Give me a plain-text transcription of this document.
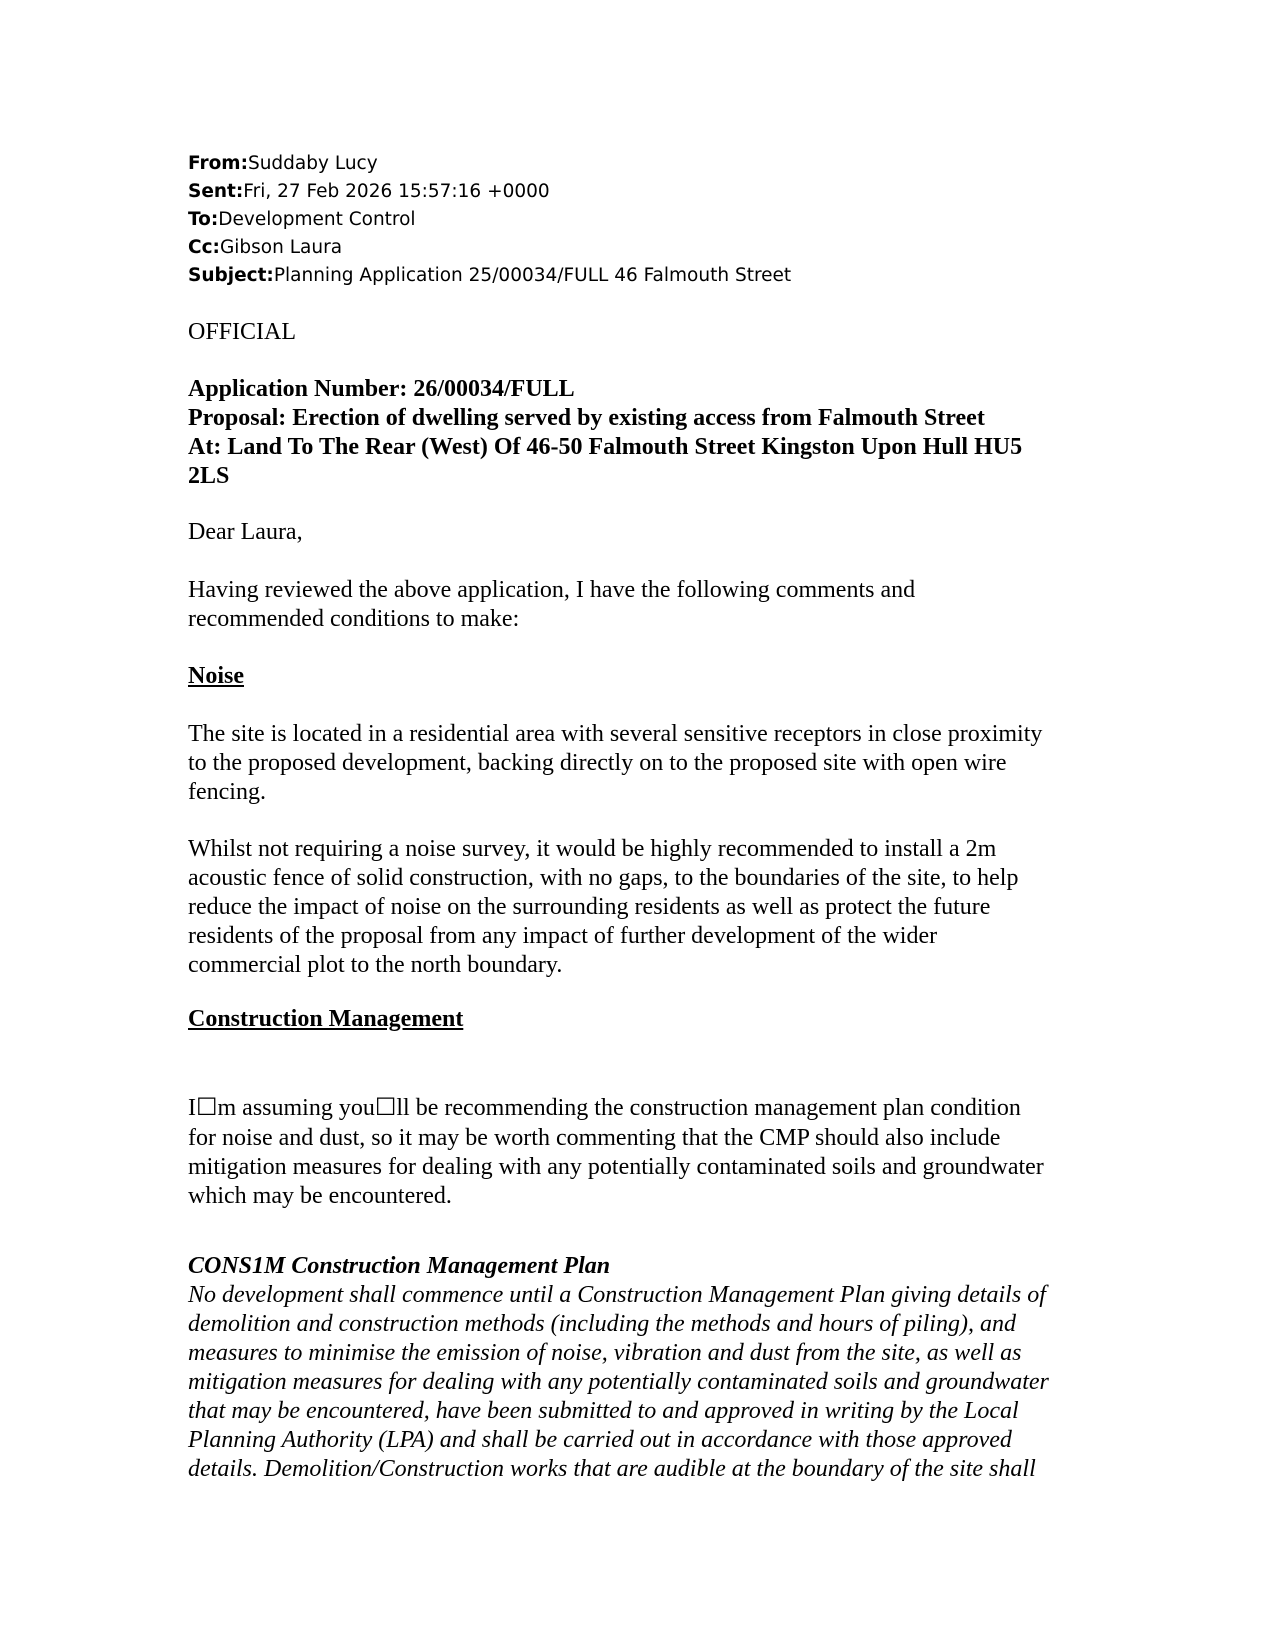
From:Suddaby Lucy
Sent:Fri, 27 Feb 2026 15:57:16 +0000
To:Development Control
Cc:Gibson Laura
Subject:Planning Application 25/00034/FULL 46 Falmouth Street
OFFICIAL
Application Number: 26/00034/FULL
Proposal: Erection of dwelling served by existing access from Falmouth Street
At: Land To The Rear (West) Of 46-50 Falmouth Street Kingston Upon Hull HU5
2LS
Dear Laura,
Having reviewed the above application, I have the following comments and
recommended conditions to make:
Noise
The site is located in a residential area with several sensitive receptors in close proximity
to the proposed development, backing directly on to the proposed site with open wire
fencing.
Whilst not requiring a noise survey, it would be highly recommended to install a 2m
acoustic fence of solid construction, with no gaps, to the boundaries of the site, to help
reduce the impact of noise on the surrounding residents as well as protect the future
residents of the proposal from any impact of further development of the wider
commercial plot to the north boundary.
Construction Management
I☐m assuming you☐ll be recommending the construction management plan condition
for noise and dust, so it may be worth commenting that the CMP should also include
mitigation measures for dealing with any potentially contaminated soils and groundwater
which may be encountered.
CONS1M Construction Management Plan
No development shall commence until a Construction Management Plan giving details of
demolition and construction methods (including the methods and hours of piling), and
measures to minimise the emission of noise, vibration and dust from the site, as well as
mitigation measures for dealing with any potentially contaminated soils and groundwater
that may be encountered, have been submitted to and approved in writing by the Local
Planning Authority (LPA) and shall be carried out in accordance with those approved
details. Demolition/Construction works that are audible at the boundary of the site shall
